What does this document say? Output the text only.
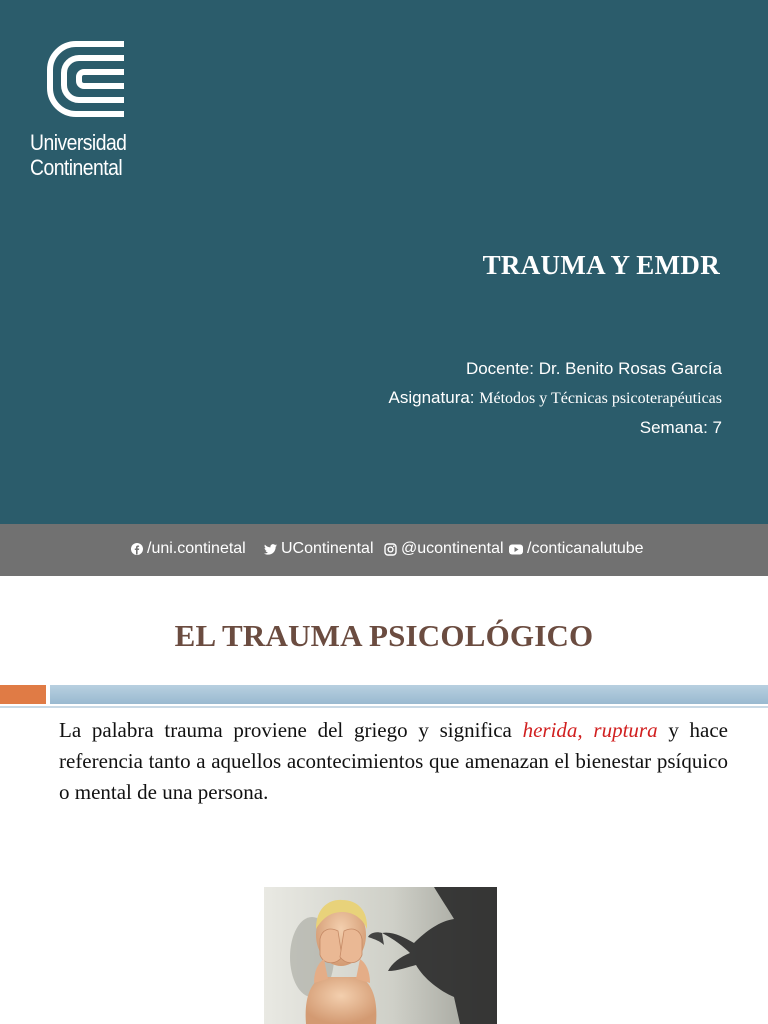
Universidad
Continental
TRAUMA Y EMDR
Docente: Dr. Benito Rosas García
Asignatura: Métodos y Técnicas psicoterapéuticas
Semana: 7
/uni.continetal UContinental @ucontinental /conticanalutube
EL TRAUMA PSICOLÓGICO
La palabra trauma proviene del griego y significa herida, ruptura y hace referencia tanto a aquellos acontecimientos que amenazan el bienestar psíquico o mental de una persona.
